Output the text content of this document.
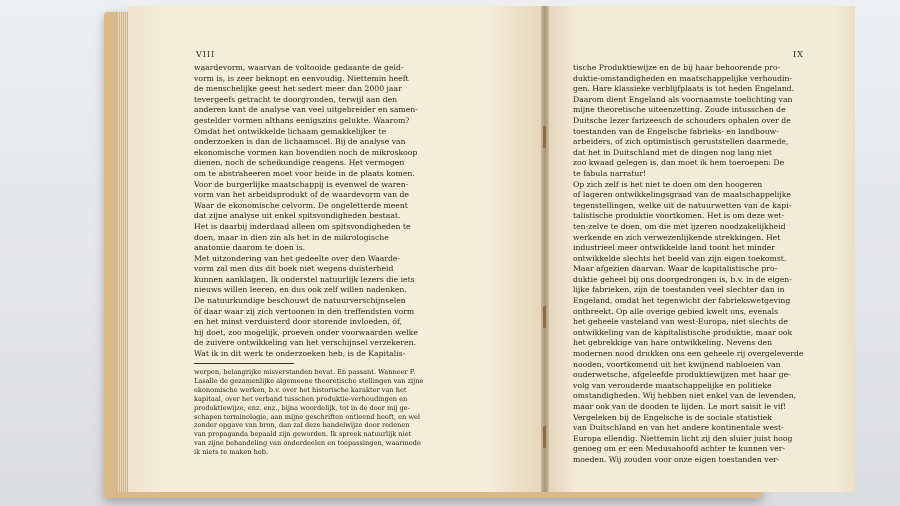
VIII
waardevorm, waarvan de voltooide gedaante de geld-
vorm is, is zeer beknopt en eenvoudig. Niettemin heeft
de menschelijke geest het sedert meer dan 2000 jaar
tevergeefs getracht te doorgronden, terwijl aan den
anderen kant de analyse van veel uitgebreider en samen-
gestelder vormen althans eenigszins gelukte. Waarom?
Omdat het ontwikkelde lichaam gemakkelijker te
onderzoeken is dan de lichaamscel. Bij de analyse van
ekonomische vormen kan bovendien noch de mikroskoop
dienen, noch de scheikundige reagens. Het vermogen
om te abstraheeren moet voor beide in de plaats komen.
Voor de burgerlijke maatschappij is evenwel de waren-
vorm van het arbeidsprodukt of de waardevorm van de
Waar de ekonomische celvorm. De ongeletterde meent
dat zijne analyse uit enkel spitsvondigheden bestaat.
Het is daarbij inderdaad alleen om spitsvondigheden te
doen, maar in dien zin als het in de mikrologische
anatomie daarom te doen is.
Met uitzondering van het gedeelte over den Waarde-
vorm zal men dus dit boek niet wegens duisterheid
kunnen aanklagen. Ik onderstel natuurlijk lezers die iets
nieuws willen leeren, en dus ook zelf willen nadenken.
De natuurkundige beschouwt de natuurverschijnselen
óf daar waar zij zich vertoonen in den treffendsten vorm
en het minst verduisterd door storende invloeden, óf,
hij doet, zoo mogelijk, proeven onder voorwaarden welke
de zuivere ontwikkeling van het verschijnsel verzekeren.
Wat ik in dit werk te onderzoeken heb, is de Kapitalis-
werpen, belangrijke misverstanden bevat. En passant. Wanneer F.
Lasalle de gezamenlijke algemeene theoretische stellingen van zijne
ekonomische werken, b.v. over het historische karakter van het
kapitaal, over het verband tusschen produktie-verhoudingen en
produktiewijze, enz. enz., bijna woordelijk, tot in de door mij ge-
schapen terminologie, aan mijne geschriften ontleend heeft, en wel
zonder opgave van bron, dan zal deze handelwijze door redenen
van propaganda bepaald zijn geworden. Ik spreek natuurlijk niet
van zijne behandeling van onderdeelen en toepassingen, waarmede
ik niets te maken heb.
IX
tische Produktiewijze en de bij haar behoorende pro-
duktie-omstandigheden en maatschappelijke verhoudin-
gen. Hare klassieke verblijfplaats is tot heden Engeland.
Daarom dient Engeland als voornaamste toelichting van
mijne theoretische uiteenzetting. Zoude intusschen de
Duitsche lezer farizeesch de schouders ophalen over de
toestanden van de Engelsche fabrieks- en landbouw-
arbeiders, of zich optimistisch geruststellen daarmede,
dat het in Duitschland met de dingen nog lang niet
zoo kwaad gelegen is, dan moet ik hem toeroepen: De
te fabula narratur!
Op zich zelf is het niet te doen om den hoogeren
of lageren ontwikkelingsgraad van de maatschappelijke
tegenstellingen, welke uit de natuurwetten van de kapi-
talistische produktie voortkomen. Het is om deze wet-
ten-zelve te doen, om die met ijzeren noodzakelijkheid
werkende en zich verwezenlijkende strekkingen. Het
industrieel meer ontwikkelde land toont het minder
ontwikkelde slechts het beeld van zijn eigen toekomst.
Maar afgezien daarvan. Waar de kapitalistische pro-
duktie geheel bij ons doorgedrongen is, b.v. in de eigen-
lijke fabrieken, zijn de toestanden veel slechter dan in
Engeland, omdat het tegenwicht der fabriekswetgeving
ontbreekt. Op alle overige gebied kwelt ons, evenals
het geheele vasteland van west-Europa, niet slechts de
ontwikkeling van de kapitalistische produktie, maar ook
het gebrekkige van hare ontwikkeling. Nevens den
modernen nood drukken ons een geheele rij overgeleverde
nooden, voortkomend uit het kwijnend nabloeien van
ouderwetsche, afgeleefde produktiewijzen met haar ge-
volg van verouderde maatschappelijke en politieke
omstandigheden. Wij hebben niet enkel van de levenden,
maar ook van de dooden te lijden. Le mort saisit le vif!
Vergeleken bij de Engelsche is de sociale statistiek
van Duitschland en van het andere kontinentale west-
Europa ellendig. Niettemin licht zij den sluier juist hoog
genoeg om er een Medusahoofd achter te kunnen ver-
moeden. Wij zouden voor onze eigen toestanden ver-
